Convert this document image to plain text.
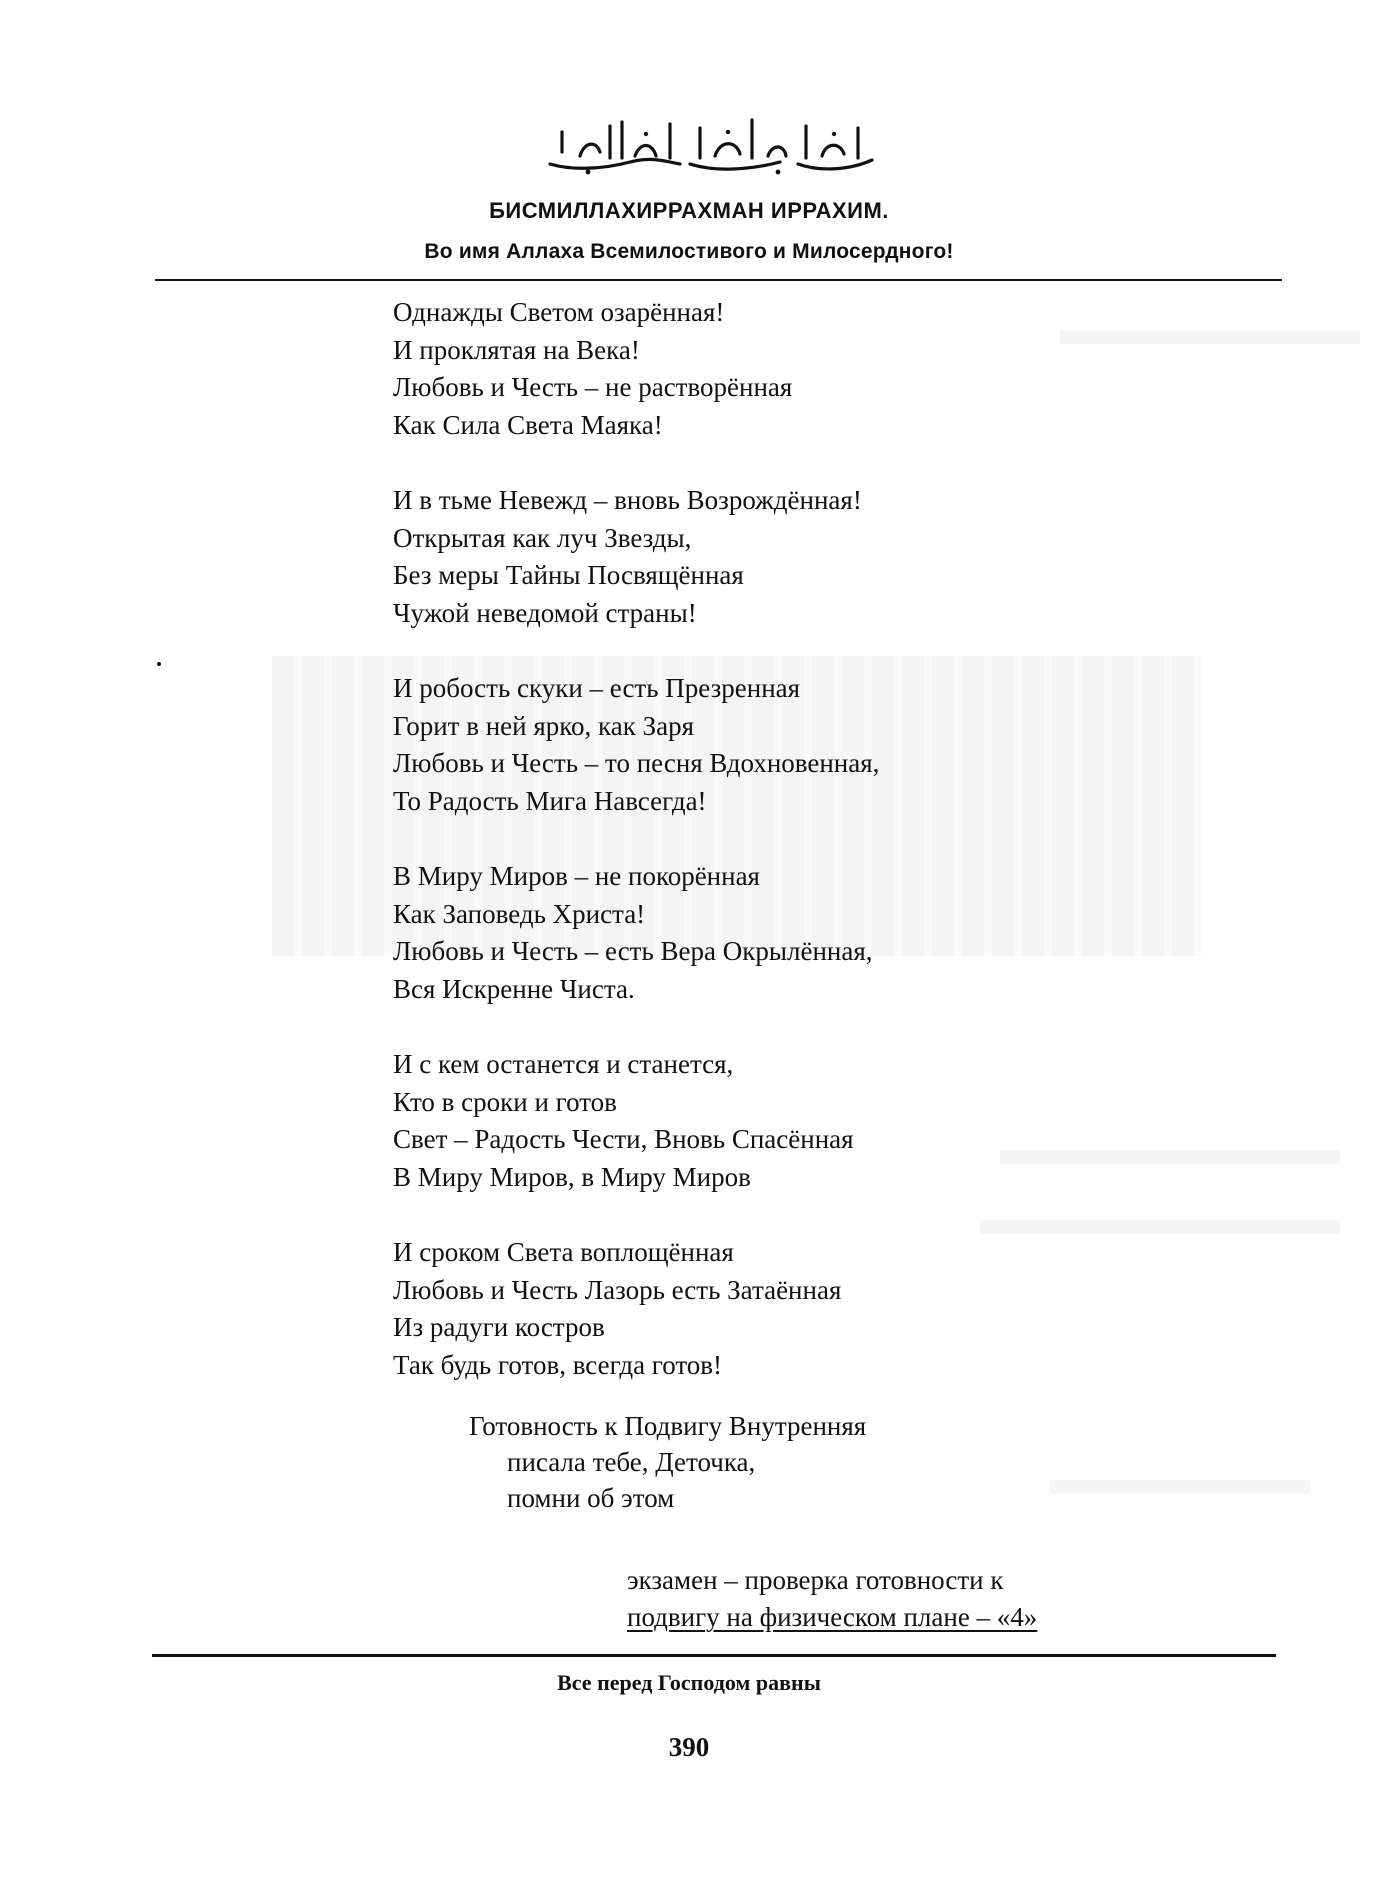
БИСМИЛЛАХИРРАХМАН ИРРАХИМ.
Во имя Аллаха Всемилостивого и Милосердного!
Однажды Светом озарённая!
И проклятая на Века!
Любовь и Честь – не растворённая
Как Сила Света Маяка!
И в тьме Невежд – вновь Возрождённая!
Открытая как луч Звезды,
Без меры Тайны Посвящённая
Чужой неведомой страны!
И робость скуки – есть Презренная
Горит в ней ярко, как Заря
Любовь и Честь – то песня Вдохновенная,
То Радость Мига Навсегда!
В Миру Миров – не покорённая
Как Заповедь Христа!
Любовь и Честь – есть Вера Окрылённая,
Вся Искренне Чиста.
И с кем останется и станется,
Кто в сроки и готов
Свет – Радость Чести, Вновь Спасённая
В Миру Миров, в Миру Миров
И сроком Света воплощённая
Любовь и Честь Лазорь есть Затаённая
Из радуги костров
Так будь готов, всегда готов!
Готовность к Подвигу Внутренняя
писала тебе, Деточка,
помни об этом
экзамен – проверка готовности к
подвигу на физическом плане – «4»
Все перед Господом равны
390
